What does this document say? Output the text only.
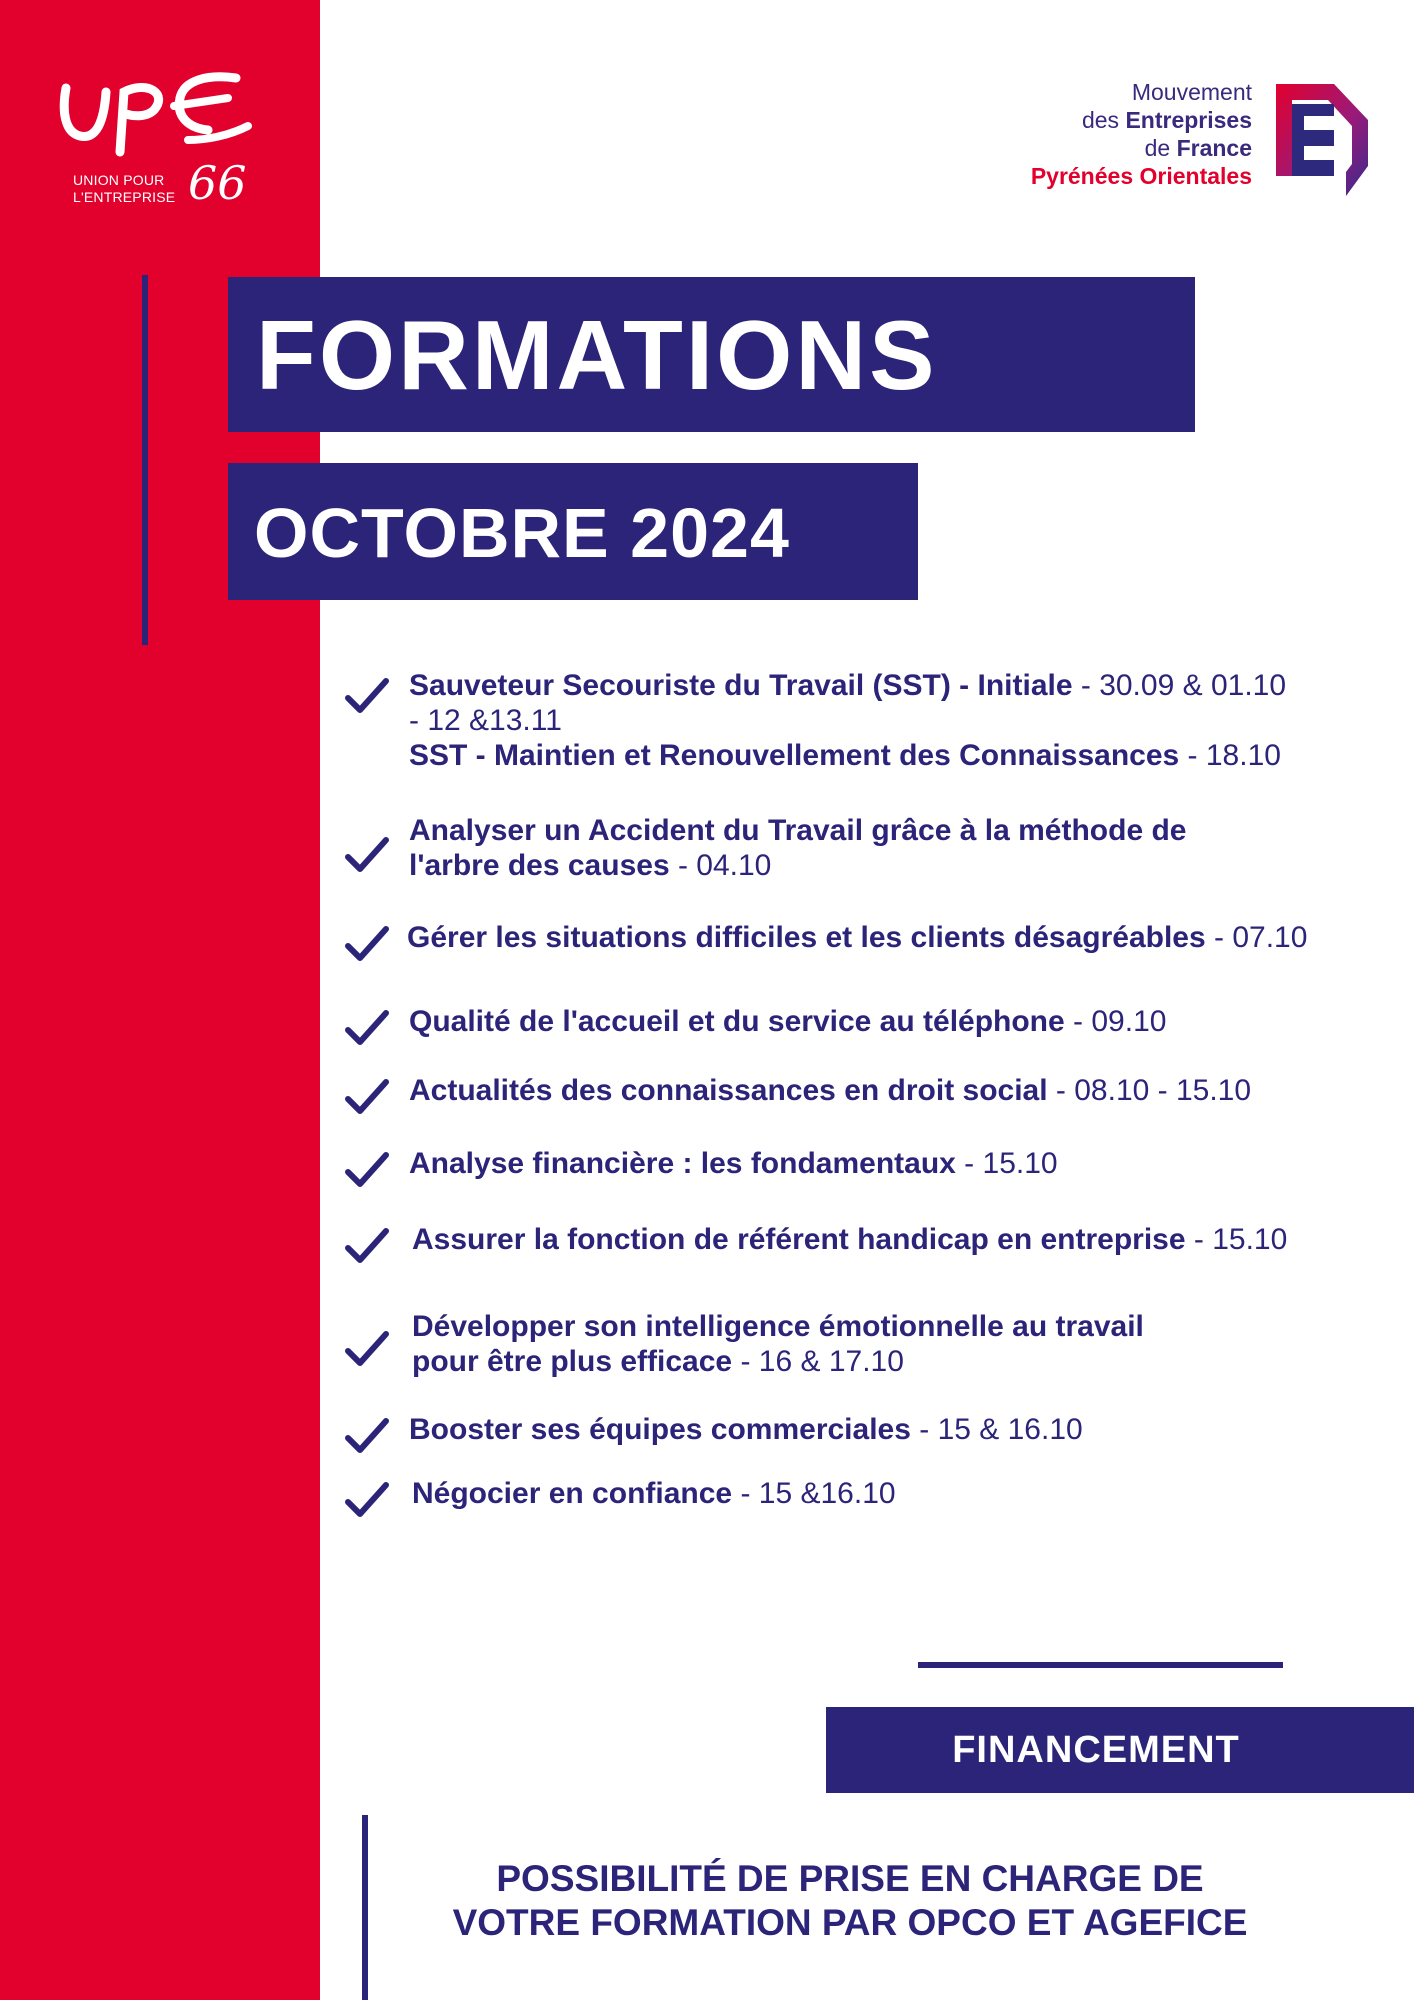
UNION POUR
L'ENTREPRISE 66
Mouvement
des Entreprises
de France
Pyrénées Orientales
FORMATIONS
OCTOBRE 2024
Sauveteur Secouriste du Travail (SST) - Initiale - 30.09 & 01.10
- 12 &13.11
SST - Maintien et Renouvellement des Connaissances - 18.10
Analyser un Accident du Travail grâce à la méthode de
l'arbre des causes - 04.10
Gérer les situations difficiles et les clients désagréables - 07.10
Qualité de l'accueil et du service au téléphone - 09.10
Actualités des connaissances en droit social - 08.10 - 15.10
Analyse financière : les fondamentaux - 15.10
Assurer la fonction de référent handicap en entreprise - 15.10
Développer son intelligence émotionnelle au travail
pour être plus efficace - 16 & 17.10
Booster ses équipes commerciales - 15 & 16.10
Négocier en confiance - 15 &16.10
FINANCEMENT
POSSIBILITÉ DE PRISE EN CHARGE DE
VOTRE FORMATION PAR OPCO ET AGEFICE
